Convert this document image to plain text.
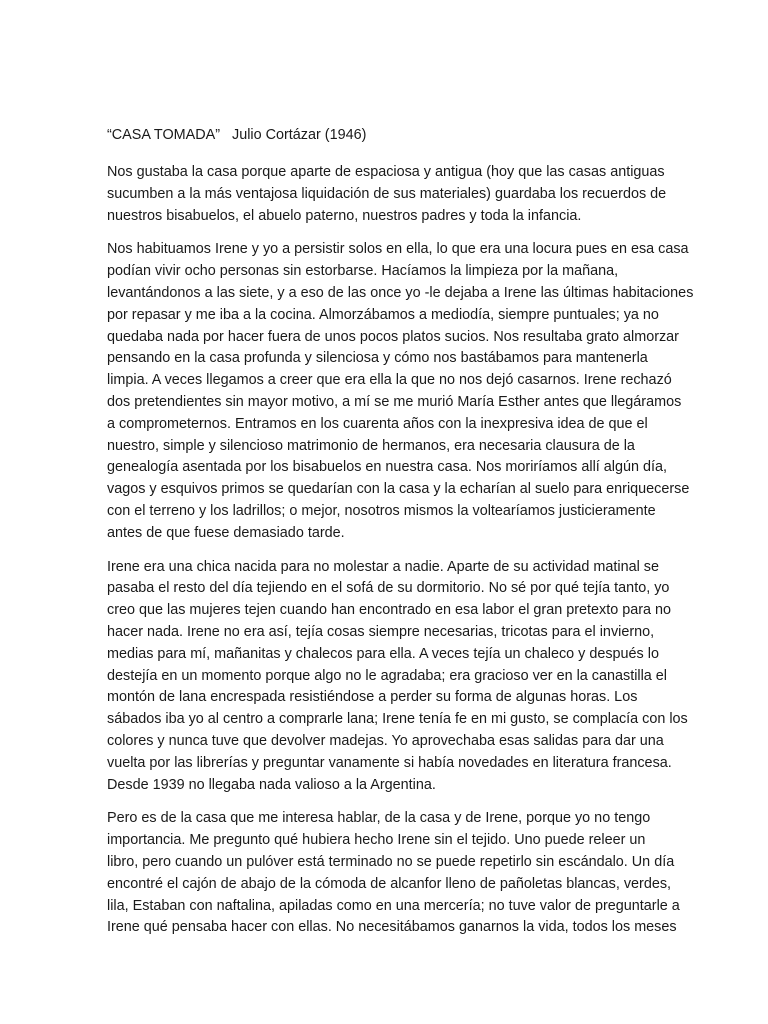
“CASA TOMADA”   Julio Cortázar (1946)

Nos gustaba la casa porque aparte de espaciosa y antigua (hoy que las casas antiguas
sucumben a la más ventajosa liquidación de sus materiales) guardaba los recuerdos de
nuestros bisabuelos, el abuelo paterno, nuestros padres y toda la infancia.

Nos habituamos Irene y yo a persistir solos en ella, lo que era una locura pues en esa casa
podían vivir ocho personas sin estorbarse. Hacíamos la limpieza por la mañana,
levantándonos a las siete, y a eso de las once yo -le dejaba a Irene las últimas habitaciones
por repasar y me iba a la cocina. Almorzábamos a mediodía, siempre puntuales; ya no
quedaba nada por hacer fuera de unos pocos platos sucios. Nos resultaba grato almorzar
pensando en la casa profunda y silenciosa y cómo nos bastábamos para mantenerla
limpia. A veces llegamos a creer que era ella la que no nos dejó casarnos. Irene rechazó
dos pretendientes sin mayor motivo, a mí se me murió María Esther antes que llegáramos
a comprometernos. Entramos en los cuarenta años con la inexpresiva idea de que el
nuestro, simple y silencioso matrimonio de hermanos, era necesaria clausura de la
genealogía asentada por los bisabuelos en nuestra casa. Nos moriríamos allí algún día,
vagos y esquivos primos se quedarían con la casa y la echarían al suelo para enriquecerse
con el terreno y los ladrillos; o mejor, nosotros mismos la voltearíamos justicieramente
antes de que fuese demasiado tarde.

Irene era una chica nacida para no molestar a nadie. Aparte de su actividad matinal se
pasaba el resto del día tejiendo en el sofá de su dormitorio. No sé por qué tejía tanto, yo
creo que las mujeres tejen cuando han encontrado en esa labor el gran pretexto para no
hacer nada. Irene no era así, tejía cosas siempre necesarias, tricotas para el invierno,
medias para mí, mañanitas y chalecos para ella. A veces tejía un chaleco y después lo
destejía en un momento porque algo no le agradaba; era gracioso ver en la canastilla el
montón de lana encrespada resistiéndose a perder su forma de algunas horas. Los
sábados iba yo al centro a comprarle lana; Irene tenía fe en mi gusto, se complacía con los
colores y nunca tuve que devolver madejas. Yo aprovechaba esas salidas para dar una
vuelta por las librerías y preguntar vanamente si había novedades en literatura francesa.
Desde 1939 no llegaba nada valioso a la Argentina.

Pero es de la casa que me interesa hablar, de la casa y de Irene, porque yo no tengo
importancia. Me pregunto qué hubiera hecho Irene sin el tejido. Uno puede releer un
libro, pero cuando un pulóver está terminado no se puede repetirlo sin escándalo. Un día
encontré el cajón de abajo de la cómoda de alcanfor lleno de pañoletas blancas, verdes,
lila, Estaban con naftalina, apiladas como en una mercería; no tuve valor de preguntarle a
Irene qué pensaba hacer con ellas. No necesitábamos ganarnos la vida, todos los meses
